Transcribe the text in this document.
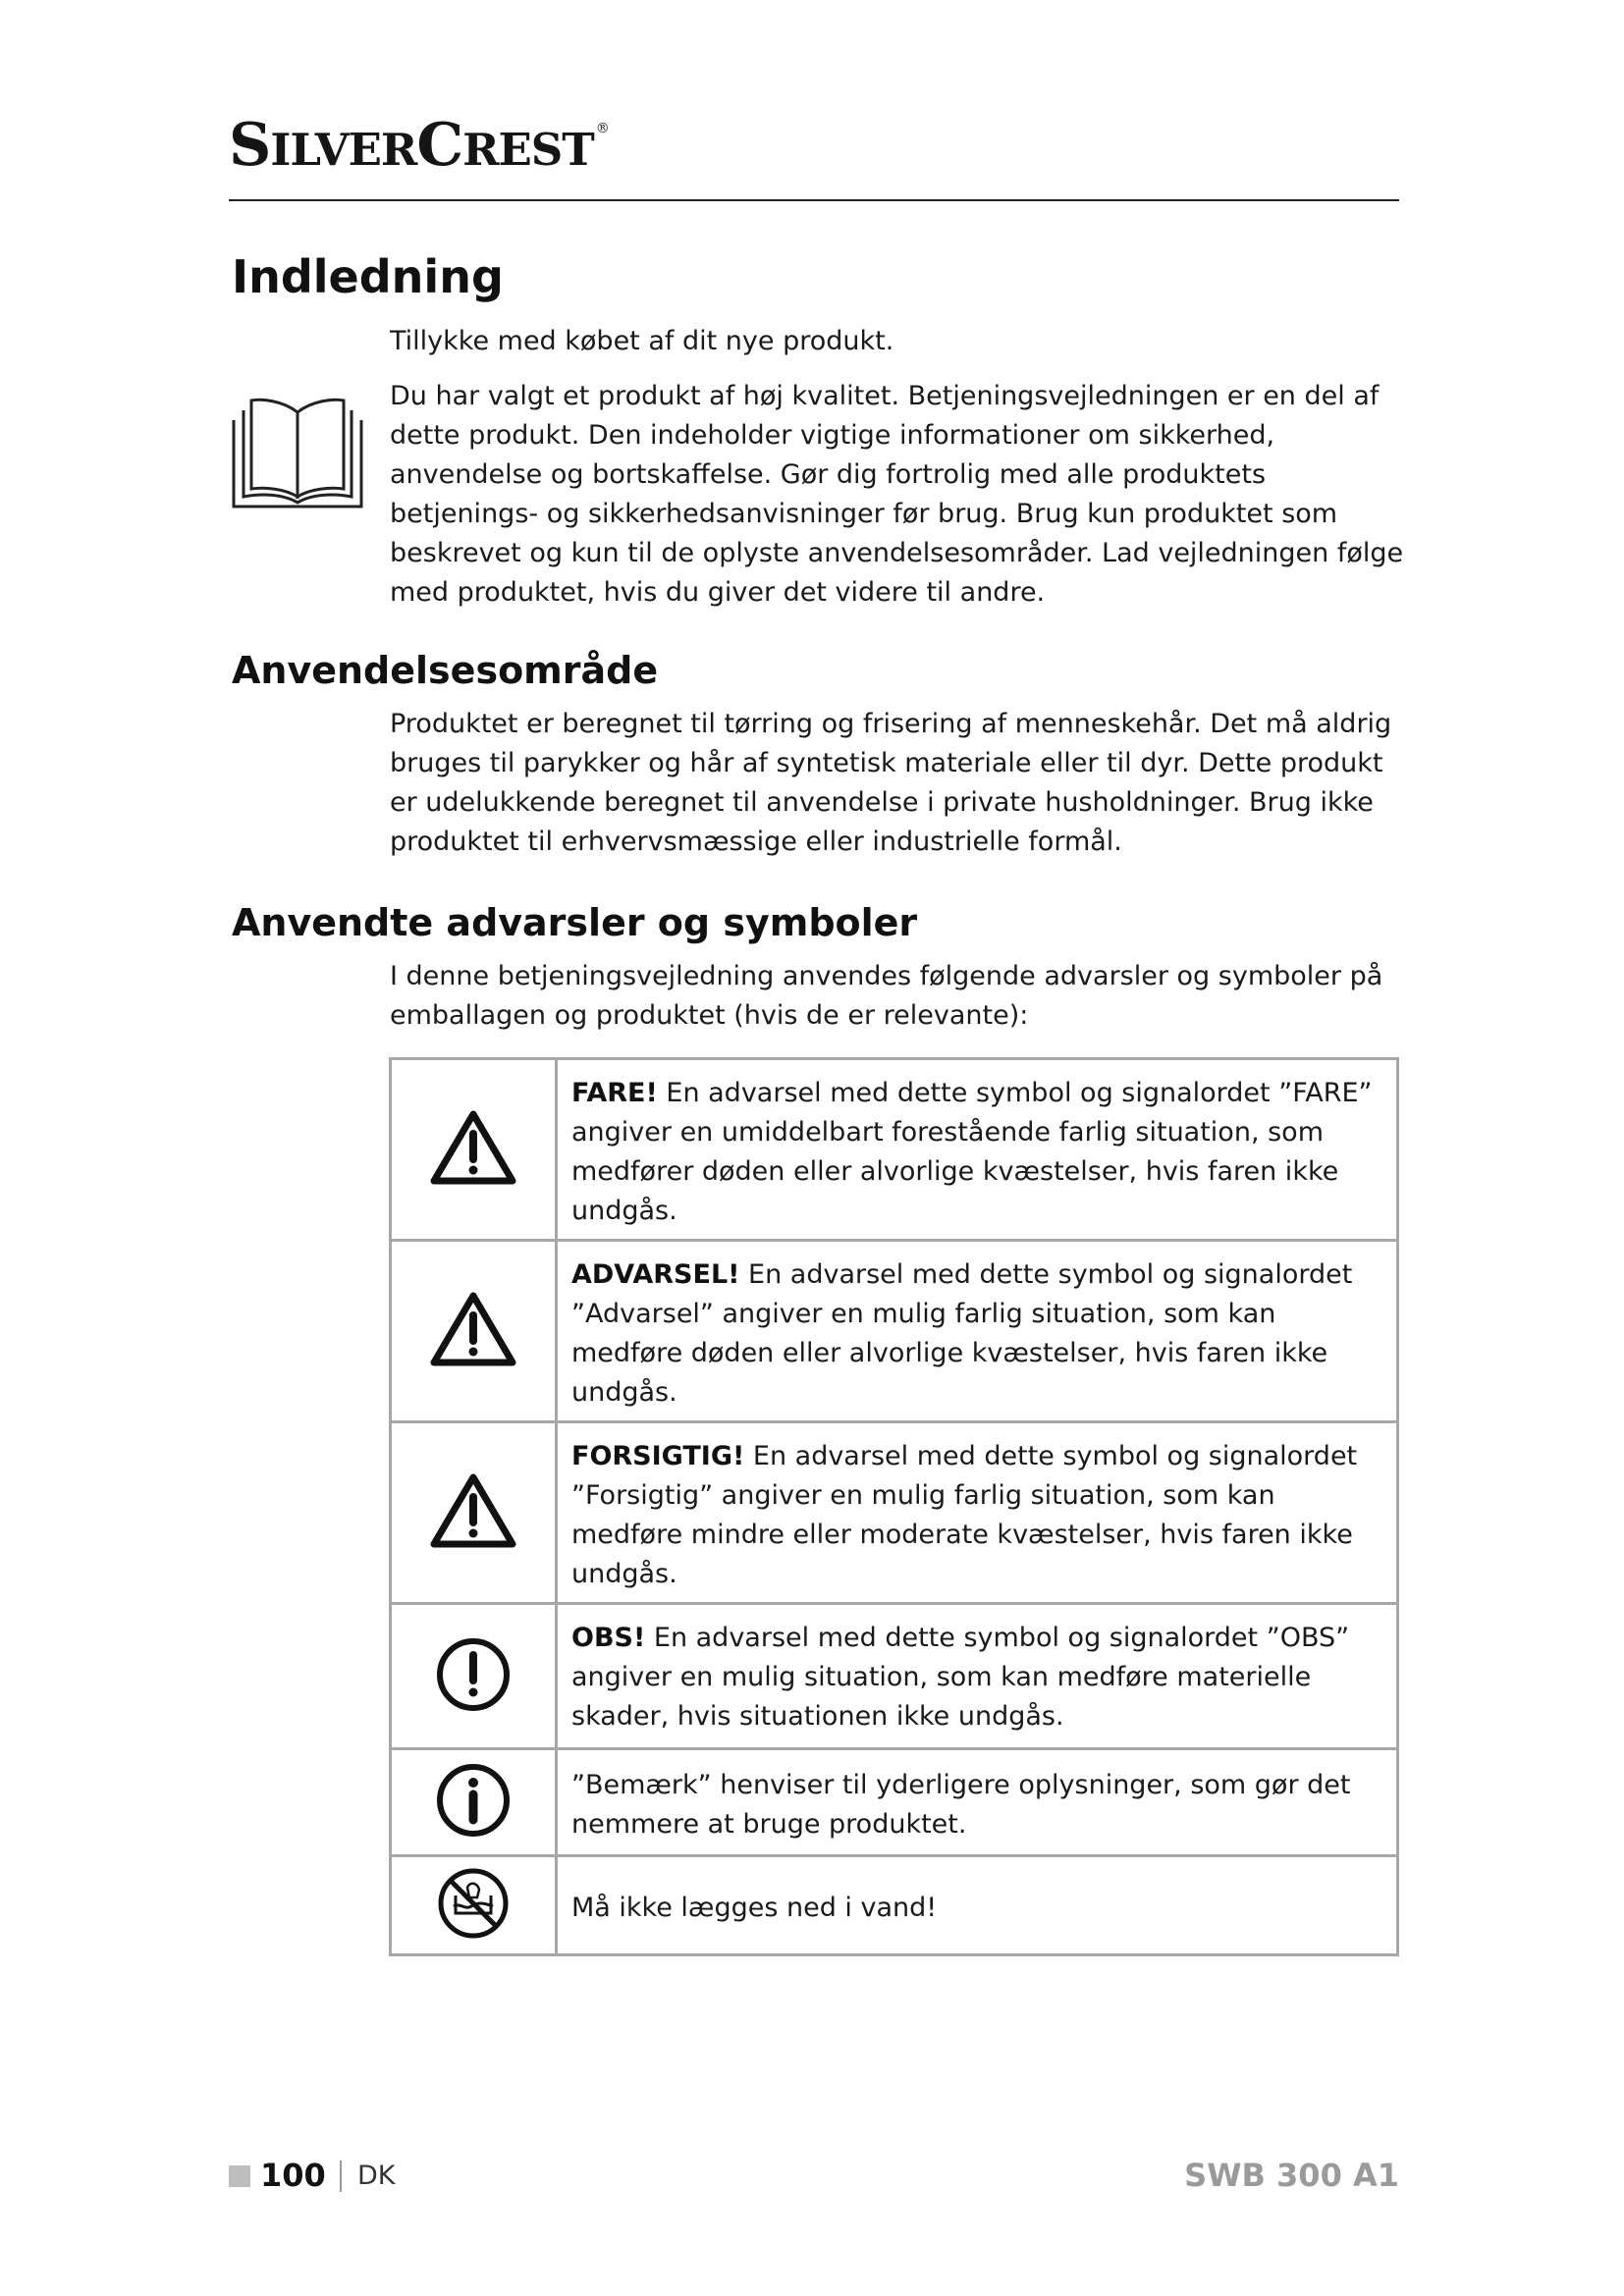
SILVERCREST ®
Indledning

Tillykke med købet af dit nye produkt.

Du har valgt et produkt af høj kvalitet. Betjeningsvejledningen er en del af dette produkt. Den indeholder vigtige informationer om sikkerhed, anvendelse og bortskaffelse. Gør dig fortrolig med alle produktets betjenings- og sikkerhedsanvisninger før brug. Brug kun produktet som beskrevet og kun til de oplyste anvendelsesområder. Lad vejledningen følge med produktet, hvis du giver det videre til andre.

Anvendelsesområde

Produktet er beregnet til tørring og frisering af menneskehår. Det må aldrig bruges til parykker og hår af syntetisk materiale eller til dyr. Dette produkt er udelukkende beregnet til anvendelse i private husholdninger. Brug ikke produktet til erhvervsmæssige eller industrielle formål.

Anvendte advarsler og symboler

I denne betjeningsvejledning anvendes følgende advarsler og symboler på emballagen og produktet (hvis de er relevante):

	FARE! En advarsel med dette symbol og signalordet ”FARE” angiver en umiddelbart forestående farlig situation, som medfører døden eller alvorlige kvæstelser, hvis faren ikke undgås.
	ADVARSEL! En advarsel med dette symbol og signalordet ”Advarsel” angiver en mulig farlig situation, som kan medføre døden eller alvorlige kvæstelser, hvis faren ikke undgås.
	FORSIGTIG! En advarsel med dette symbol og signalordet ”Forsigtig” angiver en mulig farlig situation, som kan medføre mindre eller moderate kvæstelser, hvis faren ikke undgås.
	OBS! En advarsel med dette symbol og signalordet ”OBS” angiver en mulig situation, som kan medføre materielle skader, hvis situationen ikke undgås.
	”Bemærk” henviser til yderligere oplysninger, som gør det nemmere at bruge produktet.
	Må ikke lægges ned i vand!
100 DK	SWB 300 A1
